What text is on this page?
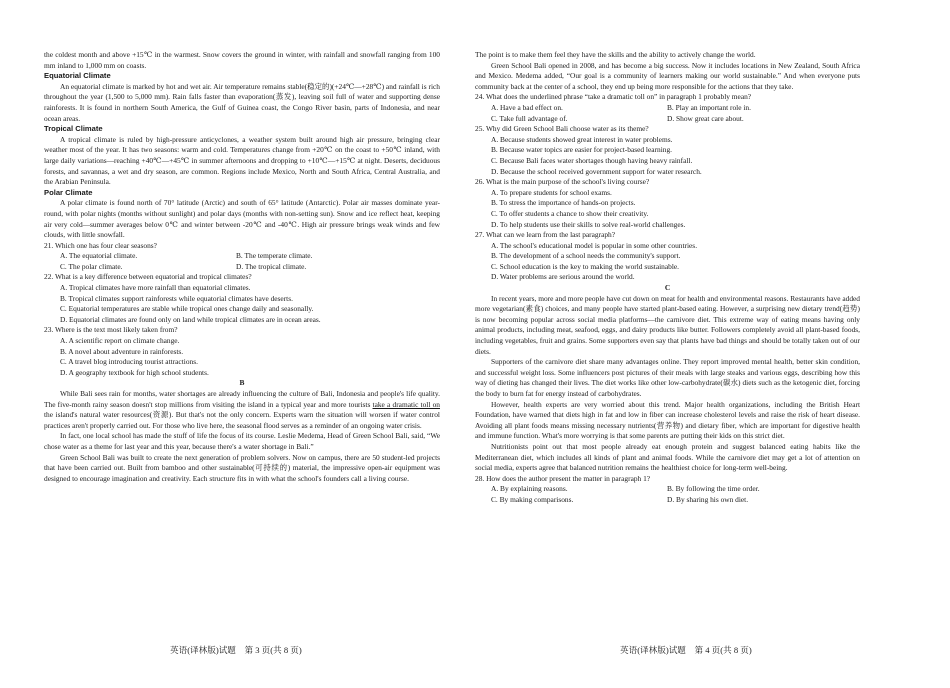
the coldest month and above +15℃ in the warmest. Snow covers the ground in winter, with rainfall and snowfall ranging from 100 mm inland to 1,000 mm on coasts.

Equatorial Climate

An equatorial climate is marked by hot and wet air. Air temperature remains stable(稳定的)(+24℃—+28℃) and rainfall is rich throughout the year (1,500 to 5,000 mm). Rain falls faster than evaporation(蒸发), leaving soil full of water and supporting dense rainforests. It is found in northern South America, the Gulf of Guinea coast, the Congo River basin, parts of Indonesia, and near ocean areas.

Tropical Climate

A tropical climate is ruled by high-pressure anticyclones, a weather system built around high air pressure, bringing clear weather most of the year. It has two seasons: warm and cold. Temperatures change from +20℃ on the coast to +50℃ inland, with large daily variations—reaching +40℃—+45℃ in summer afternoons and dropping to +10℃—+15℃ at night. Deserts, deciduous forests, and savannas, a wet and dry season, are common. Regions include Mexico, North and South Africa, Central Australia, and the Arabian Peninsula.

Polar Climate

A polar climate is found north of 70° latitude (Arctic) and south of 65° latitude (Antarctic). Polar air masses dominate year-round, with polar nights (months without sunlight) and polar days (months with non-setting sun). Snow and ice reflect heat, keeping air very cold—summer averages below 0℃ and winter between -20℃ and -40℃. High air pressure brings weak winds and few clouds, with little snowfall.

21. Which one has four clear seasons?

A. The equatorial climate.	B. The temperate climate.
C. The polar climate.	D. The tropical climate.

22. What is a key difference between equatorial and tropical climates?

A. Tropical climates have more rainfall than equatorial climates.

B. Tropical climates support rainforests while equatorial climates have deserts.

C. Equatorial temperatures are stable while tropical ones change daily and seasonally.

D. Equatorial climates are found only on land while tropical climates are in ocean areas.

23. Where is the text most likely taken from?

A. A scientific report on climate change.

B. A novel about adventure in rainforests.

C. A travel blog introducing tourist attractions.

D. A geography textbook for high school students.

B

While Bali sees rain for months, water shortages are already influencing the culture of Bali, Indonesia and people's life quality. The five-month rainy season doesn't stop millions from visiting the island in a typical year and more tourists take a dramatic toll on the island's natural water resources(资源). But that's not the only concern. Experts warn the situation will worsen if water control practices aren't properly carried out. For those who live here, the seasonal flood serves as a reminder of an ongoing water crisis.

In fact, one local school has made the stuff of life the focus of its course. Leslie Medema, Head of Green School Bali, said, “We chose water as a theme for last year and this year, because there's a water shortage in Bali.”

Green School Bali was built to create the next generation of problem solvers. Now on campus, there are 50 student-led projects that have been carried out. Built from bamboo and other sustainable(可持续的) material, the impressive open-air equipment was designed to encourage imagination and creativity. Each structure fits in with what the school's founders call a living course.

英语(译林版)试题　第 3 页(共 8 页)

The point is to make them feel they have the skills and the ability to actively change the world.

Green School Bali opened in 2008, and has become a big success. Now it includes locations in New Zealand, South Africa and Mexico. Medema added, “Our goal is a community of learners making our world sustainable.” And when everyone puts community back at the center of a school, they end up being more responsible for the actions that they take.

24. What does the underlined phrase “take a dramatic toll on” in paragraph 1 probably mean?

A. Have a bad effect on.	B. Play an important role in.
C. Take full advantage of.	D. Show great care about.

25. Why did Green School Bali choose water as its theme?

A. Because students showed great interest in water problems.

B. Because water topics are easier for project-based learning.

C. Because Bali faces water shortages though having heavy rainfall.

D. Because the school received government support for water research.

26. What is the main purpose of the school's living course?

A. To prepare students for school exams.

B. To stress the importance of hands-on projects.

C. To offer students a chance to show their creativity.

D. To help students use their skills to solve real-world challenges.

27. What can we learn from the last paragraph?

A. The school's educational model is popular in some other countries.

B. The development of a school needs the community's support.

C. School education is the key to making the world sustainable.

D. Water problems are serious around the world.

C

In recent years, more and more people have cut down on meat for health and environmental reasons. Restaurants have added more vegetarian(素食) choices, and many people have started plant-based eating. However, a surprising new dietary trend(趋势) is now becoming popular across social media platforms—the carnivore diet. This extreme way of eating means having only animal products, including meat, seafood, eggs, and dairy products like butter. Followers completely avoid all plant-based foods, including vegetables, fruit and grains. Some supporters even say that plants have bad things and should be totally taken out of our diets.

Supporters of the carnivore diet share many advantages online. They report improved mental health, better skin condition, and successful weight loss. Some influencers post pictures of their meals with large steaks and various eggs, describing how this way of dieting has changed their lives. The diet works like other low-carbohydrate(碳水) diets such as the ketogenic diet, forcing the body to burn fat for energy instead of carbohydrates.

However, health experts are very worried about this trend. Major health organizations, including the British Heart Foundation, have warned that diets high in fat and low in fiber can increase cholesterol levels and raise the risk of heart disease. Avoiding all plant foods means missing necessary nutrients(营养物) and dietary fiber, which are important for digestive health and immune function. What's more worrying is that some parents are putting their kids on this strict diet.

Nutritionists point out that most people already eat enough protein and suggest balanced eating habits like the Mediterranean diet, which includes all kinds of plant and animal foods. While the carnivore diet may get a lot of attention on social media, experts agree that balanced nutrition remains the healthiest choice for long-term well-being.

28. How does the author present the matter in paragraph 1?

A. By explaining reasons.	B. By following the time order.
C. By making comparisons.	D. By sharing his own diet.
英语(译林版)试题　第 4 页(共 8 页)
